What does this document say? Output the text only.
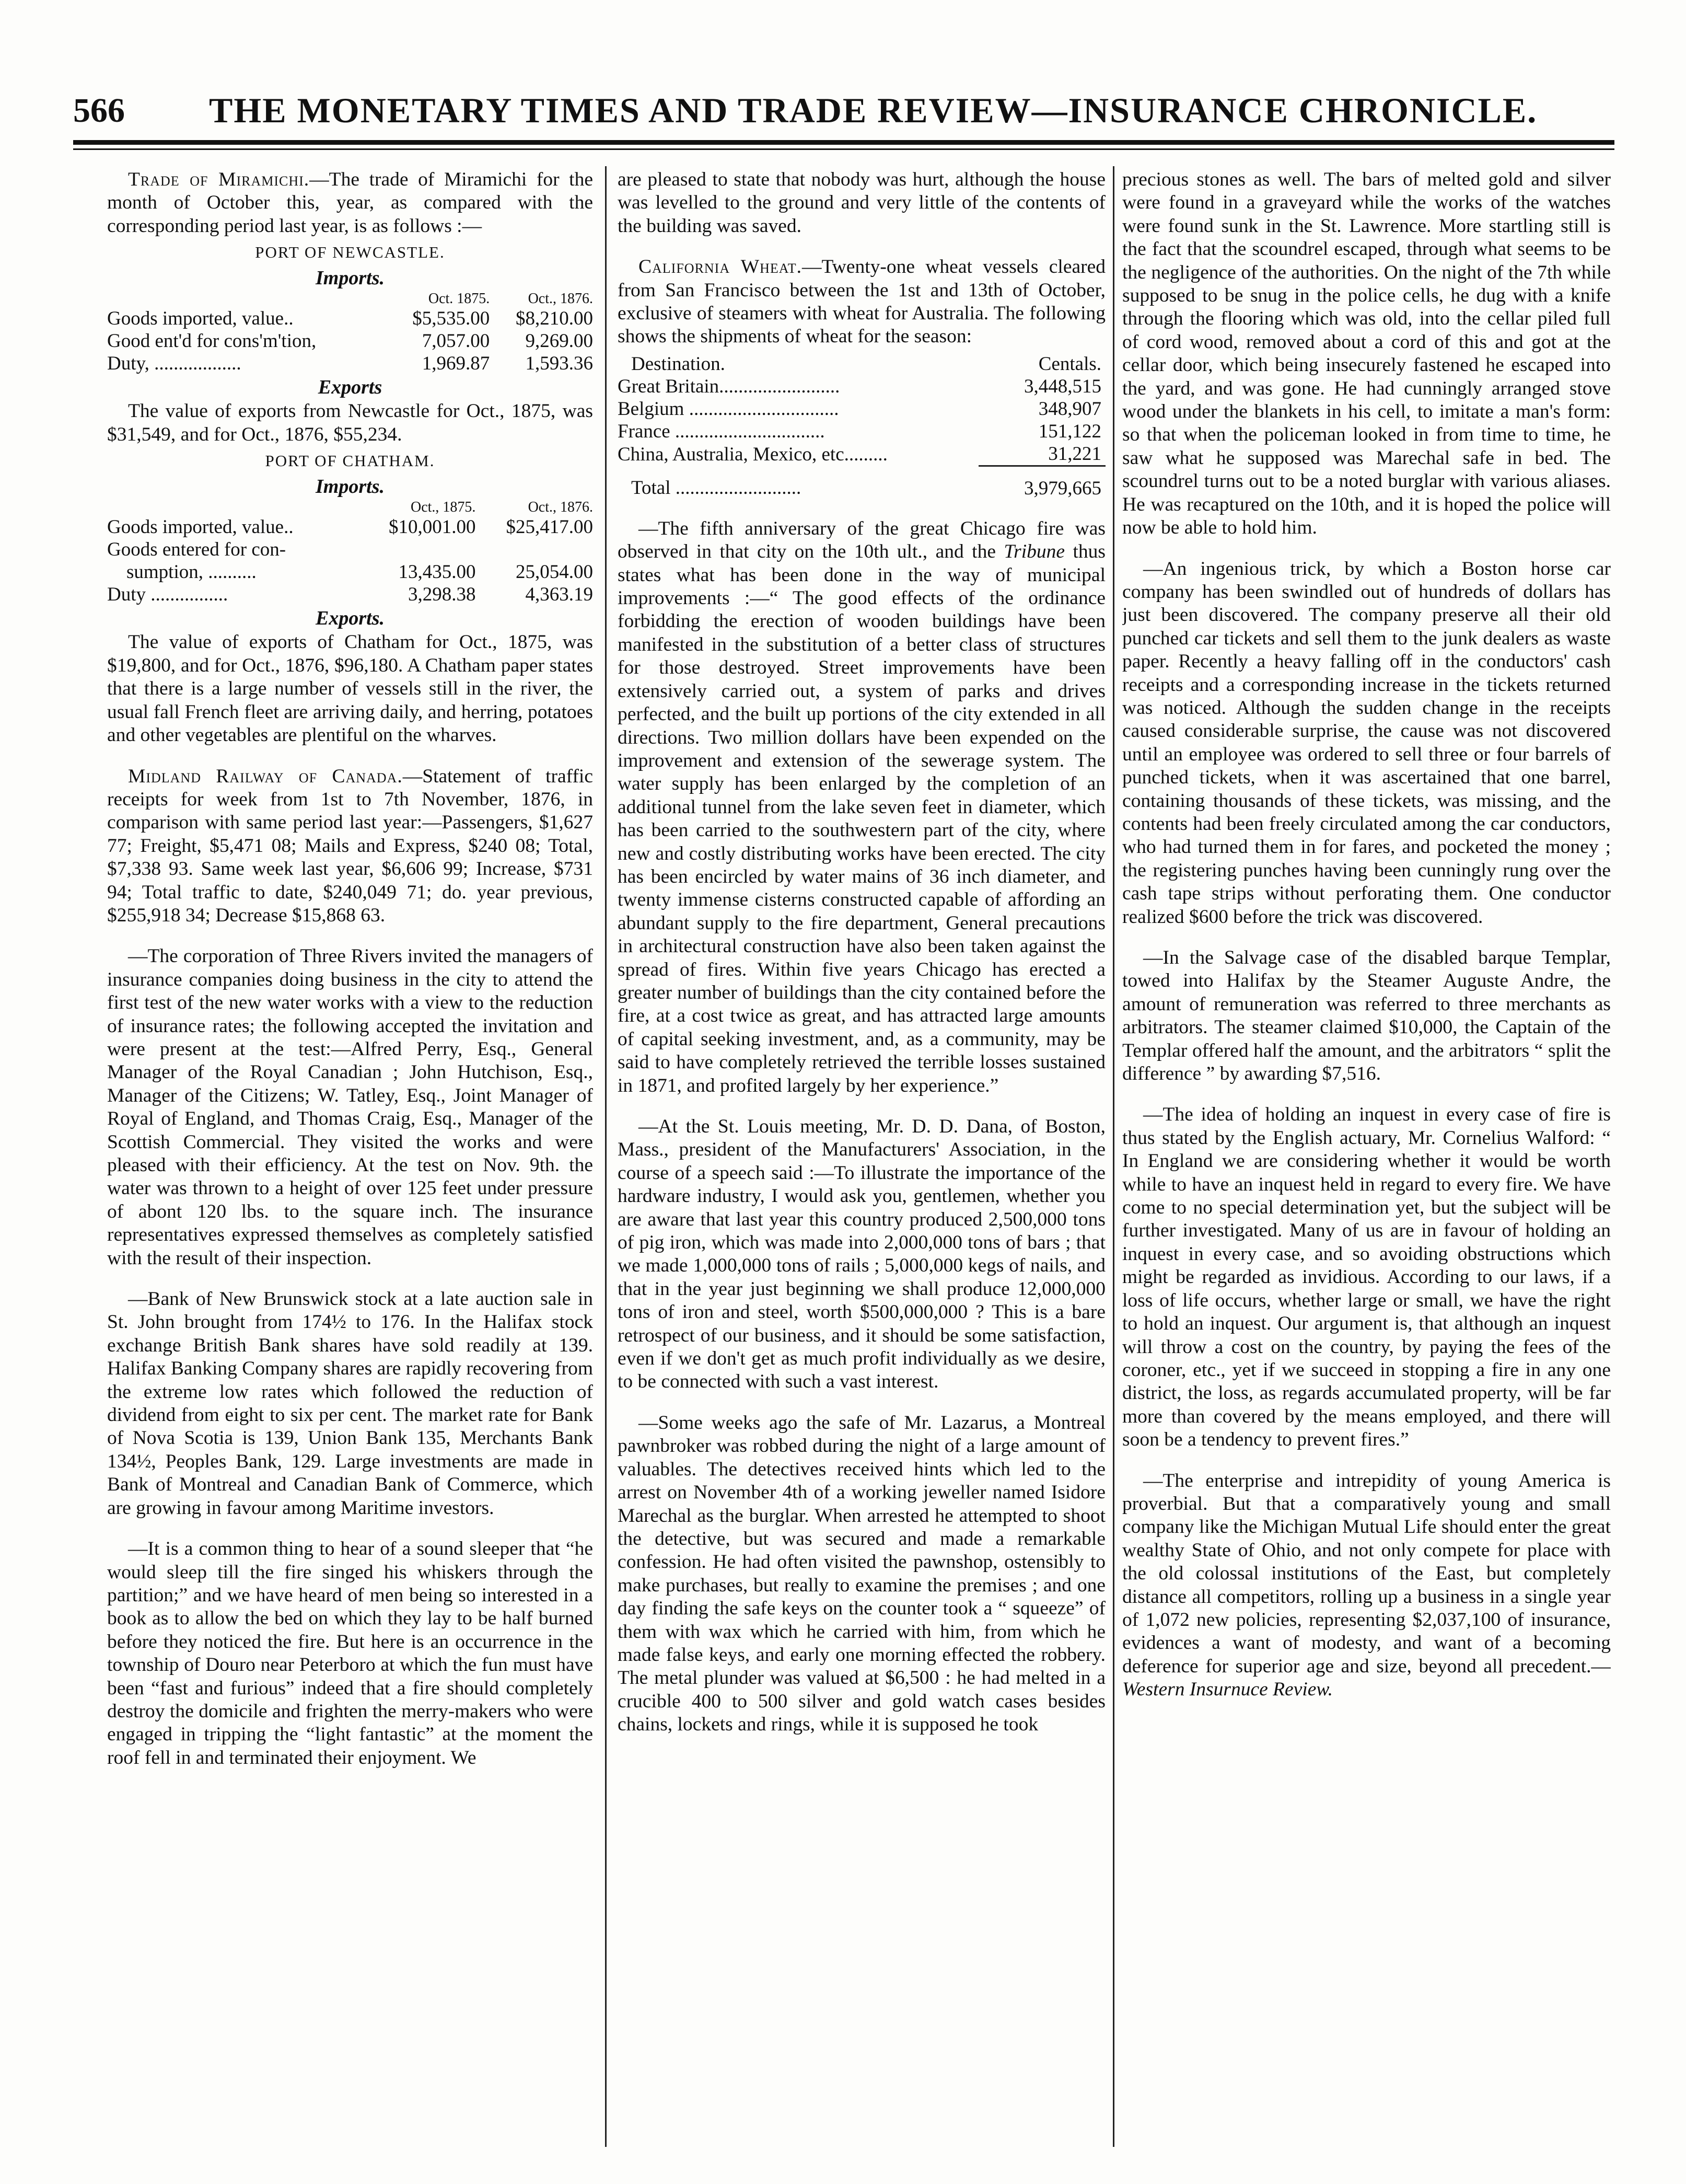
566 THE MONETARY TIMES AND TRADE REVIEW—INSURANCE CHRONICLE.

Trade of Miramichi.—The trade of Miramichi for the month of October this, year, as compared with the corresponding period last year, is as follows :—

PORT OF NEWCASTLE.
Imports.
	Oct. 1875.	Oct., 1876.
Goods imported, value..	$5,535.00	$8,210.00
Good ent'd for cons'm'tion,	7,057.00	9,269.00
Duty, ..................	1,969.87	1,593.36
Exports

The value of exports from Newcastle for Oct., 1875, was $31,549, and for Oct., 1876, $55,234.

PORT OF CHATHAM.
Imports.
	Oct., 1875.	Oct., 1876.
Goods imported, value..	$10,001.00	$25,417.00
Goods entered for con-		
sumption, ..........	13,435.00	25,054.00
Duty ................	3,298.38	4,363.19
Exports.

The value of exports of Chatham for Oct., 1875, was $19,800, and for Oct., 1876, $96,180. A Chatham paper states that there is a large number of vessels still in the river, the usual fall French fleet are arriving daily, and herring, potatoes and other vegetables are plentiful on the wharves.

Midland Railway of Canada.—Statement of traffic receipts for week from 1st to 7th November, 1876, in comparison with same period last year:—Passengers, $1,627 77; Freight, $5,471 08; Mails and Express, $240 08; Total, $7,338 93. Same week last year, $6,606 99; Increase, $731 94; Total traffic to date, $240,049 71; do. year previous, $255,918 34; Decrease $15,868 63.

—The corporation of Three Rivers invited the managers of insurance companies doing business in the city to attend the first test of the new water works with a view to the reduction of insurance rates; the following accepted the invitation and were present at the test:—Alfred Perry, Esq., General Manager of the Royal Canadian ; John Hutchison, Esq., Manager of the Citizens; W. Tatley, Esq., Joint Manager of Royal of England, and Thomas Craig, Esq., Manager of the Scottish Commercial. They visited the works and were pleased with their efficiency. At the test on Nov. 9th. the water was thrown to a height of over 125 feet under pressure of abont 120 lbs. to the square inch. The insurance representatives expressed themselves as completely satisfied with the result of their inspection.

—Bank of New Brunswick stock at a late auction sale in St. John brought from 174½ to 176. In the Halifax stock exchange British Bank shares have sold readily at 139. Halifax Banking Company shares are rapidly recovering from the extreme low rates which followed the reduction of dividend from eight to six per cent. The market rate for Bank of Nova Scotia is 139, Union Bank 135, Merchants Bank 134½, Peoples Bank, 129. Large investments are made in Bank of Montreal and Canadian Bank of Commerce, which are growing in favour among Maritime investors.

—It is a common thing to hear of a sound sleeper that “he would sleep till the fire singed his whiskers through the partition;” and we have heard of men being so interested in a book as to allow the bed on which they lay to be half burned before they noticed the fire. But here is an occurrence in the township of Douro near Peterboro at which the fun must have been “fast and furious” indeed that a fire should completely destroy the domicile and frighten the merry-makers who were engaged in tripping the “light fantastic” at the moment the roof fell in and terminated their enjoyment. We

are pleased to state that nobody was hurt, although the house was levelled to the ground and very little of the contents of the building was saved.

California Wheat.—Twenty-one wheat vessels cleared from San Francisco between the 1st and 13th of October, exclusive of steamers with wheat for Australia. The following shows the shipments of wheat for the season:

Destination.	Centals.
Great Britain.........................	3,448,515
Belgium ...............................	348,907
France ...............................	151,122
China, Australia, Mexico, etc.........	31,221
Total ..........................	3,979,665

—The fifth anniversary of the great Chicago fire was observed in that city on the 10th ult., and the Tribune thus states what has been done in the way of municipal improvements :—“ The good effects of the ordinance forbidding the erection of wooden buildings have been manifested in the substitution of a better class of structures for those destroyed. Street improvements have been extensively carried out, a system of parks and drives perfected, and the built up portions of the city extended in all directions. Two million dollars have been expended on the improvement and extension of the sewerage system. The water supply has been enlarged by the completion of an additional tunnel from the lake seven feet in diameter, which has been carried to the southwestern part of the city, where new and costly distributing works have been erected. The city has been encircled by water mains of 36 inch diameter, and twenty immense cisterns constructed capable of affording an abundant supply to the fire department, General precautions in architectural construction have also been taken against the spread of fires. Within five years Chicago has erected a greater number of buildings than the city contained before the fire, at a cost twice as great, and has attracted large amounts of capital seeking investment, and, as a community, may be said to have completely retrieved the terrible losses sustained in 1871, and profited largely by her experience.”

—At the St. Louis meeting, Mr. D. D. Dana, of Boston, Mass., president of the Manufacturers' Association, in the course of a speech said :—To illustrate the importance of the hardware industry, I would ask you, gentlemen, whether you are aware that last year this country produced 2,500,000 tons of pig iron, which was made into 2,000,000 tons of bars ; that we made 1,000,000 tons of rails ; 5,000,000 kegs of nails, and that in the year just beginning we shall produce 12,000,000 tons of iron and steel, worth $500,000,000 ? This is a bare retrospect of our business, and it should be some satisfaction, even if we don't get as much profit individually as we desire, to be connected with such a vast interest.

—Some weeks ago the safe of Mr. Lazarus, a Montreal pawnbroker was robbed during the night of a large amount of valuables. The detectives received hints which led to the arrest on November 4th of a working jeweller named Isidore Marechal as the burglar. When arrested he attempted to shoot the detective, but was secured and made a remarkable confession. He had often visited the pawnshop, ostensibly to make purchases, but really to examine the premises ; and one day finding the safe keys on the counter took a “ squeeze” of them with wax which he carried with him, from which he made false keys, and early one morning effected the robbery. The metal plunder was valued at $6,500 : he had melted in a crucible 400 to 500 silver and gold watch cases besides chains, lockets and rings, while it is supposed he took

precious stones as well. The bars of melted gold and silver were found in a graveyard while the works of the watches were found sunk in the St. Lawrence. More startling still is the fact that the scoundrel escaped, through what seems to be the negligence of the authorities. On the night of the 7th while supposed to be snug in the police cells, he dug with a knife through the flooring which was old, into the cellar piled full of cord wood, removed about a cord of this and got at the cellar door, which being insecurely fastened he escaped into the yard, and was gone. He had cunningly arranged stove wood under the blankets in his cell, to imitate a man's form: so that when the policeman looked in from time to time, he saw what he supposed was Marechal safe in bed. The scoundrel turns out to be a noted burglar with various aliases. He was recaptured on the 10th, and it is hoped the police will now be able to hold him.

—An ingenious trick, by which a Boston horse car company has been swindled out of hundreds of dollars has just been discovered. The company preserve all their old punched car tickets and sell them to the junk dealers as waste paper. Recently a heavy falling off in the conductors' cash receipts and a corresponding increase in the tickets returned was noticed. Although the sudden change in the receipts caused considerable surprise, the cause was not discovered until an employee was ordered to sell three or four barrels of punched tickets, when it was ascertained that one barrel, containing thousands of these tickets, was missing, and the contents had been freely circulated among the car conductors, who had turned them in for fares, and pocketed the money ; the registering punches having been cunningly rung over the cash tape strips without perforating them. One conductor realized $600 before the trick was discovered.

—In the Salvage case of the disabled barque Templar, towed into Halifax by the Steamer Auguste Andre, the amount of remuneration was referred to three merchants as arbitrators. The steamer claimed $10,000, the Captain of the Templar offered half the amount, and the arbitrators “ split the difference ” by awarding $7,516.

—The idea of holding an inquest in every case of fire is thus stated by the English actuary, Mr. Cornelius Walford: “ In England we are considering whether it would be worth while to have an inquest held in regard to every fire. We have come to no special determination yet, but the subject will be further investigated. Many of us are in favour of holding an inquest in every case, and so avoiding obstructions which might be regarded as invidious. According to our laws, if a loss of life occurs, whether large or small, we have the right to hold an inquest. Our argument is, that although an inquest will throw a cost on the country, by paying the fees of the coroner, etc., yet if we succeed in stopping a fire in any one district, the loss, as regards accumulated property, will be far more than covered by the means employed, and there will soon be a tendency to prevent fires.”

—The enterprise and intrepidity of young America is proverbial. But that a comparatively young and small company like the Michigan Mutual Life should enter the great wealthy State of Ohio, and not only compete for place with the old colossal institutions of the East, but completely distance all competitors, rolling up a business in a single year of 1,072 new policies, representing $2,037,100 of insurance, evidences a want of modesty, and want of a becoming deference for superior age and size, beyond all precedent.—Western Insurnuce Review.
